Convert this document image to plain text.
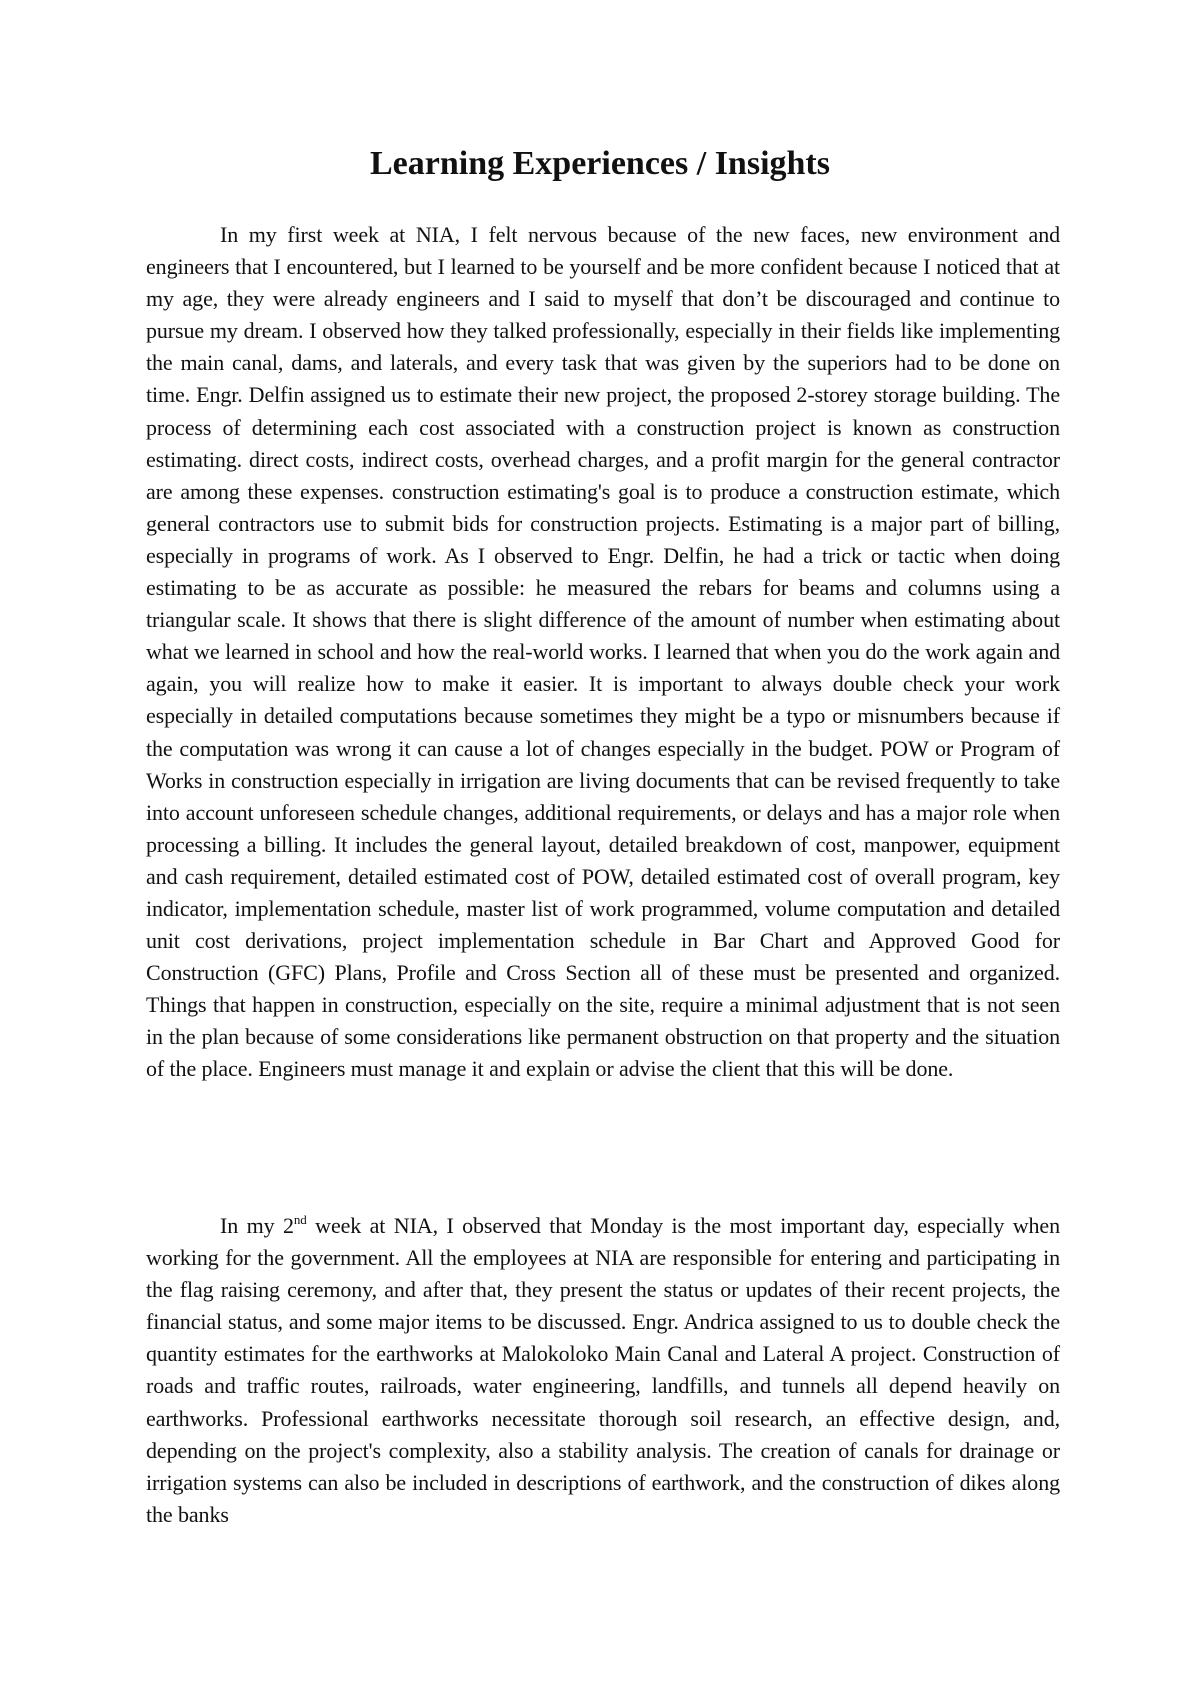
Learning Experiences / Insights

In my first week at NIA, I felt nervous because of the new faces, new environment and engineers that I encountered, but I learned to be yourself and be more confident because I noticed that at my age, they were already engineers and I said to myself that don’t be discouraged and continue to pursue my dream. I observed how they talked professionally, especially in their fields like implementing the main canal, dams, and laterals, and every task that was given by the superiors had to be done on time. Engr. Delfin assigned us to estimate their new project, the proposed 2-storey storage building. The process of determining each cost associated with a construction project is known as construction estimating. direct costs, indirect costs, overhead charges, and a profit margin for the general contractor are among these expenses. construction estimating's goal is to produce a construction estimate, which general contractors use to submit bids for construction projects. Estimating is a major part of billing, especially in programs of work. As I observed to Engr. Delfin, he had a trick or tactic when doing estimating to be as accurate as possible: he measured the rebars for beams and columns using a triangular scale. It shows that there is slight difference of the amount of number when estimating about what we learned in school and how the real-world works. I learned that when you do the work again and again, you will realize how to make it easier. It is important to always double check your work especially in detailed computations because sometimes they might be a typo or misnumbers because if the computation was wrong it can cause a lot of changes especially in the budget. POW or Program of Works in construction especially in irrigation are living documents that can be revised frequently to take into account unforeseen schedule changes, additional requirements, or delays and has a major role when processing a billing. It includes the general layout, detailed breakdown of cost, manpower, equipment and cash requirement, detailed estimated cost of POW, detailed estimated cost of overall program, key indicator, implementation schedule, master list of work programmed, volume computation and detailed unit cost derivations, project implementation schedule in Bar Chart and Approved Good for Construction (GFC) Plans, Profile and Cross Section all of these must be presented and organized. Things that happen in construction, especially on the site, require a minimal adjustment that is not seen in the plan because of some considerations like permanent obstruction on that property and the situation of the place. Engineers must manage it and explain or advise the client that this will be done.

In my 2nd week at NIA, I observed that Monday is the most important day, especially when working for the government. All the employees at NIA are responsible for entering and participating in the flag raising ceremony, and after that, they present the status or updates of their recent projects, the financial status, and some major items to be discussed. Engr. Andrica assigned to us to double check the quantity estimates for the earthworks at Malokoloko Main Canal and Lateral A project. Construction of roads and traffic routes, railroads, water engineering, landfills, and tunnels all depend heavily on earthworks. Professional earthworks necessitate thorough soil research, an effective design, and, depending on the project's complexity, also a stability analysis. The creation of canals for drainage or irrigation systems can also be included in descriptions of earthwork, and the construction of dikes along the banks
